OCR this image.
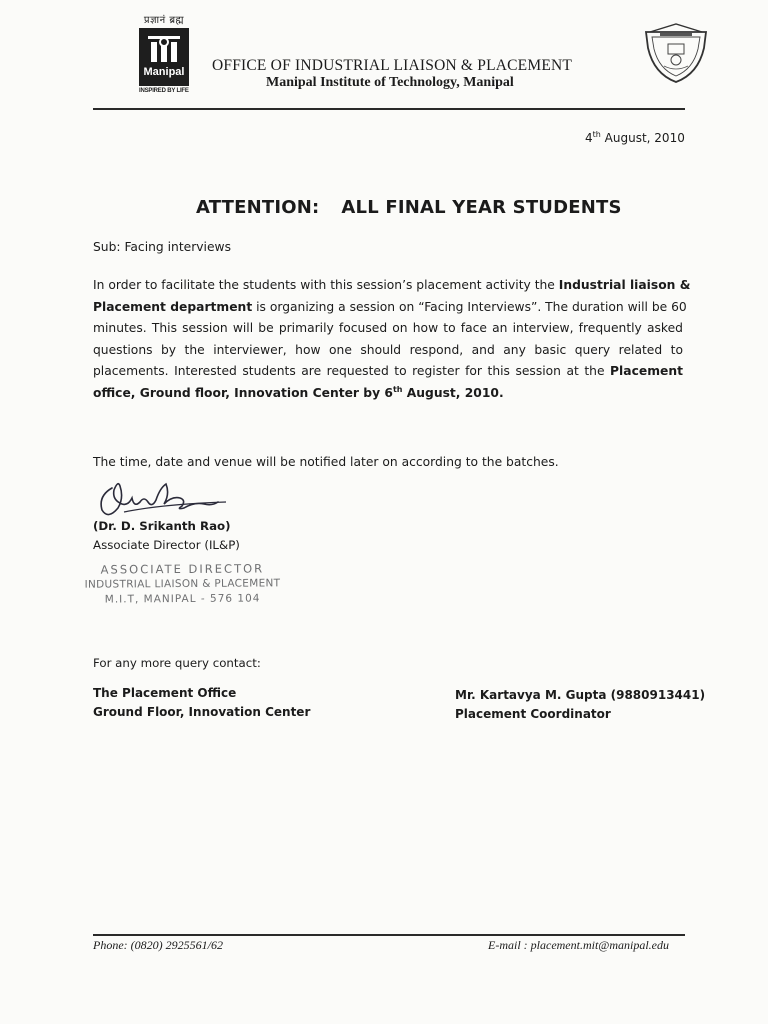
प्रज्ञानं ब्रह्म
Manipal
INSPIRED BY LIFE
OFFICE OF INDUSTRIAL LIAISON & PLACEMENT
Manipal Institute of Technology, Manipal
4th August, 2010
ATTENTION: ALL FINAL YEAR STUDENTS
Sub: Facing interviews
In order to facilitate the students with this session’s placement activity the Industrial liaison &
Placement department is organizing a session on “Facing Interviews”. The duration will be 60
minutes. This session will be primarily focused on how to face an interview, frequently asked
questions by the interviewer, how one should respond, and any basic query related to
placements. Interested students are requested to register for this session at the Placement
office, Ground floor, Innovation Center by 6th August, 2010.
The time, date and venue will be notified later on according to the batches.
(Dr. D. Srikanth Rao)
Associate Director (IL&P)
ASSOCIATE DIRECTOR
INDUSTRIAL LIAISON & PLACEMENT
M.I.T, MANIPAL - 576 104
For any more query contact:
The Placement Office
Ground Floor, Innovation Center
Mr. Kartavya M. Gupta (9880913441)
Placement Coordinator
Phone: (0820) 2925561/62	E-mail : placement.mit@manipal.edu
